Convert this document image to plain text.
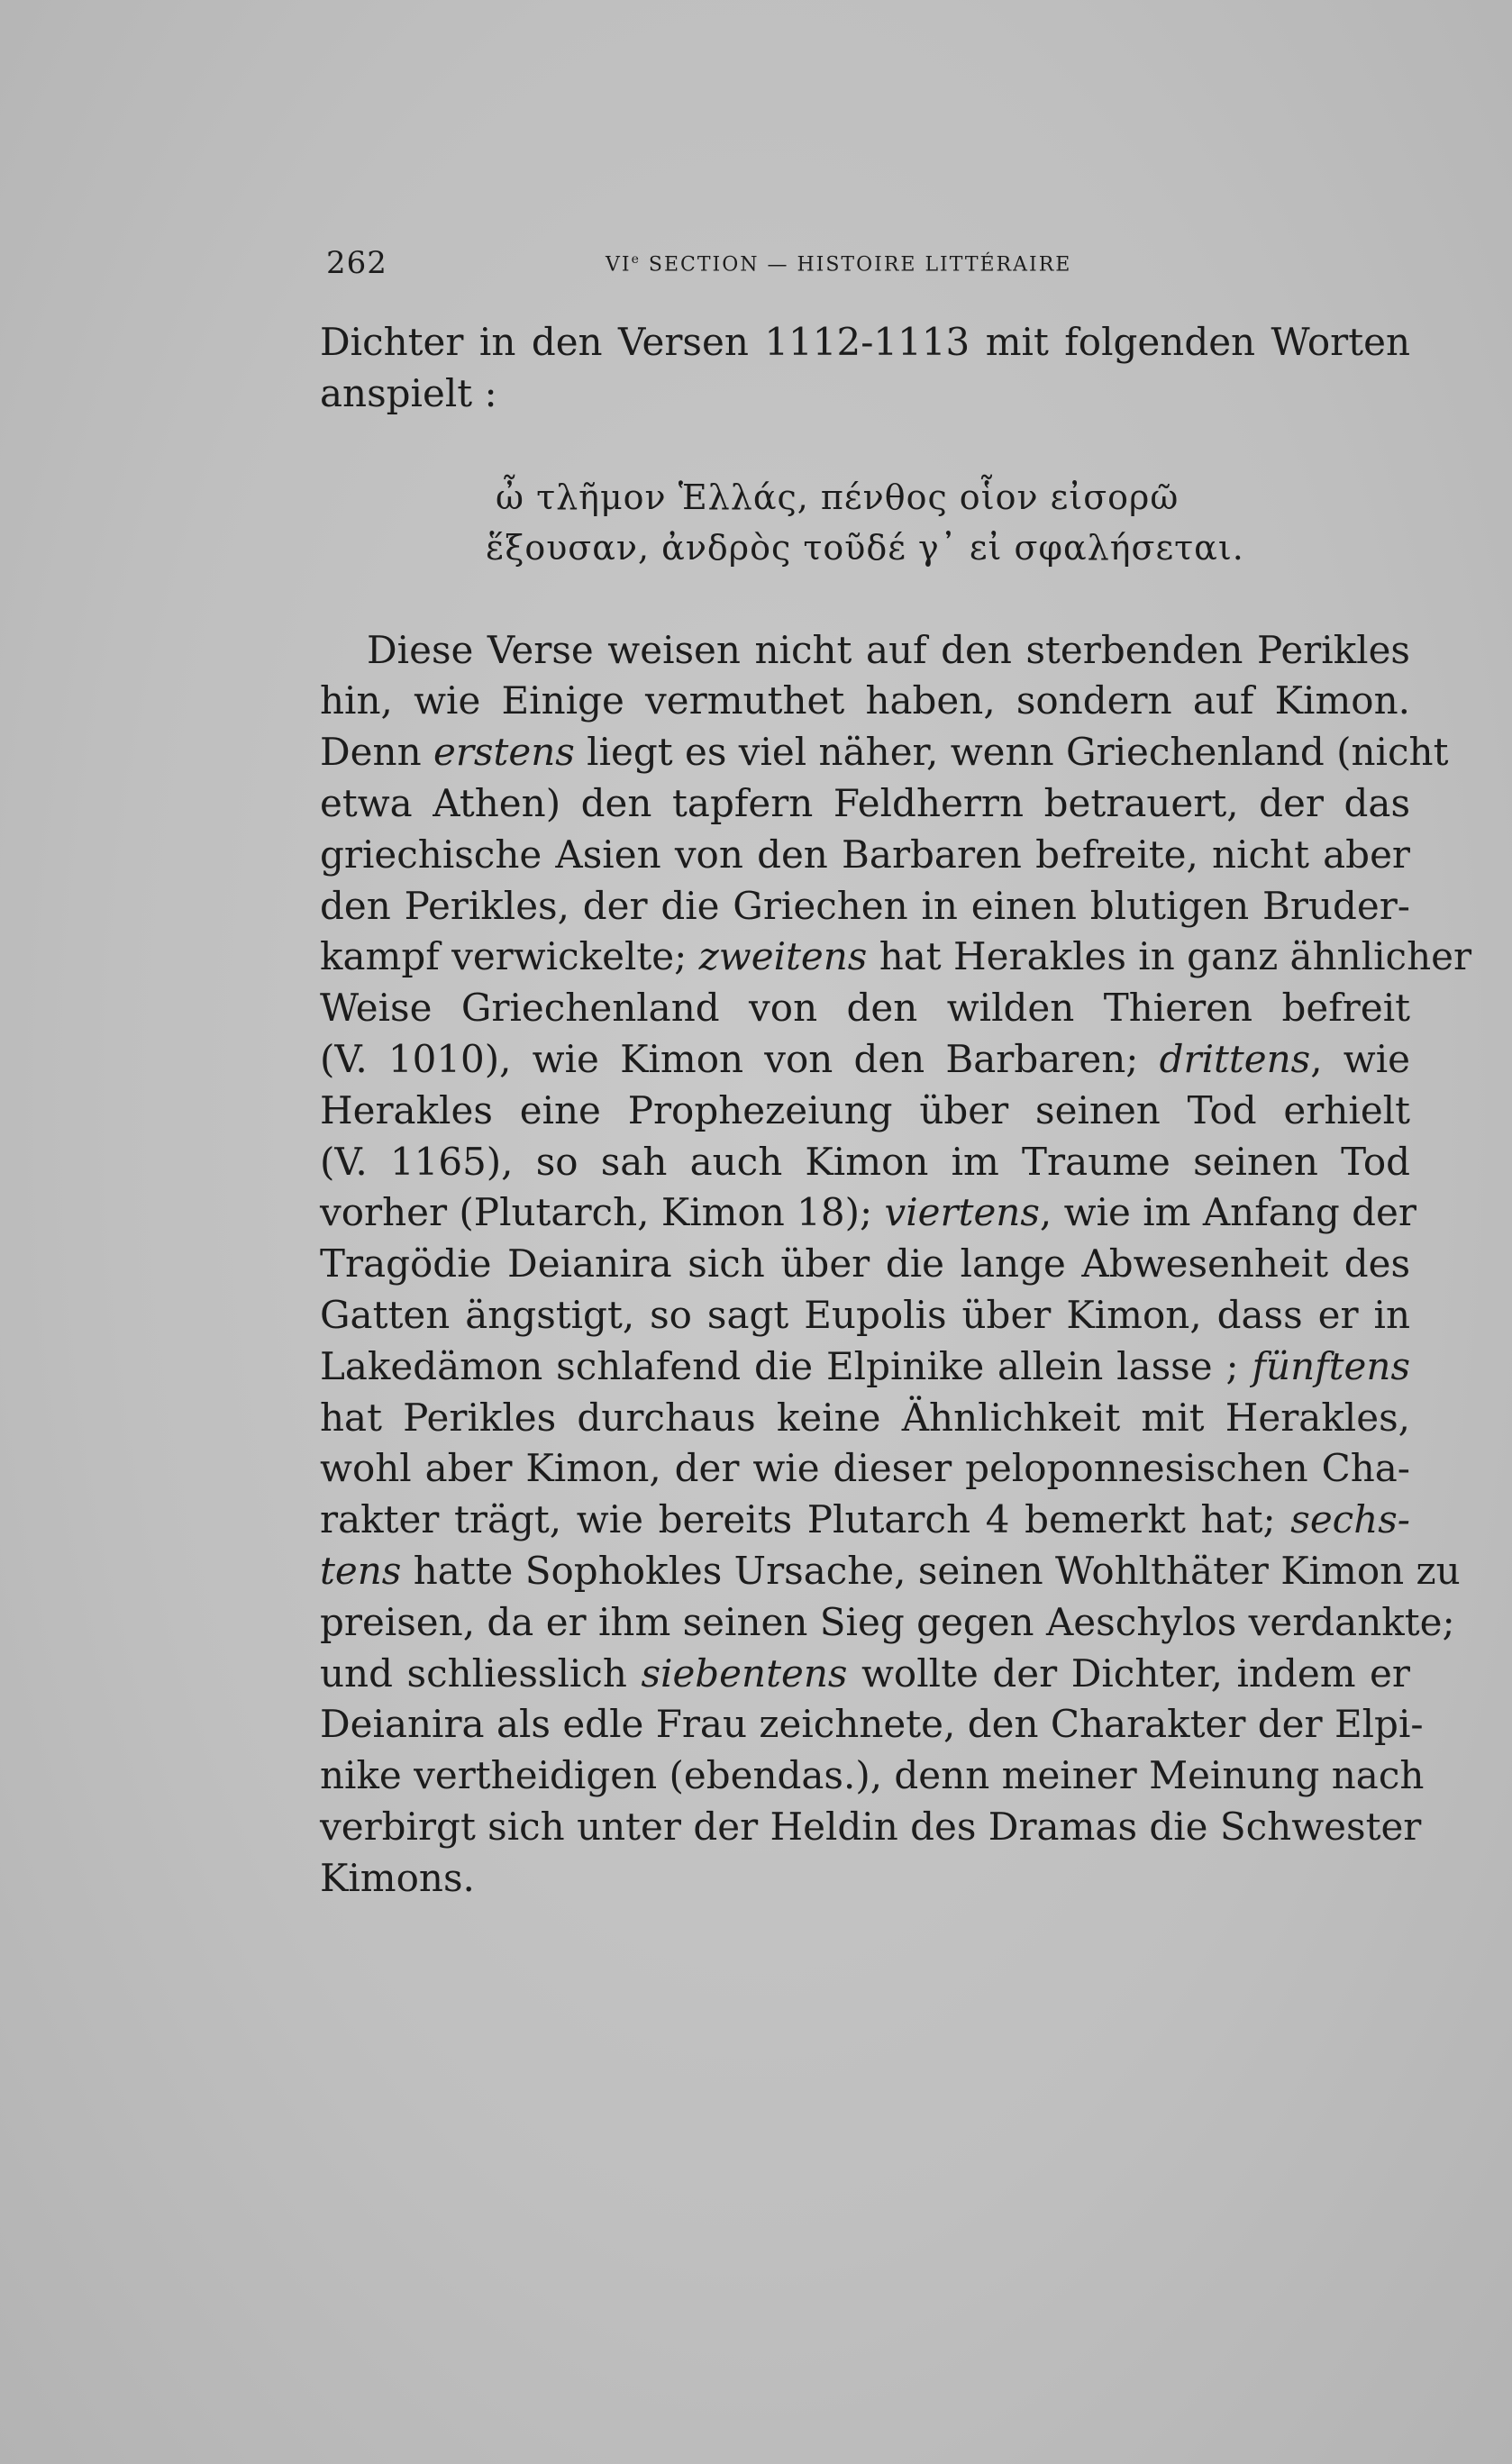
262	VIe SECTION — HISTOIRE LITTÉRAIRE
Dichter in den Versen 1112-1113 mit folgenden Worten
anspielt :
ὦ τλῆμον Ἑλλάς, πένθος οἷον εἰσορῶ
ἕξουσαν, ἀνδρὸς τοῦδέ γ᾽ εἰ σφαλήσεται.
Diese Verse weisen nicht auf den sterbenden Perikles
hin, wie Einige vermuthet haben, sondern auf Kimon.
Denn erstens liegt es viel näher, wenn Griechenland (nicht
etwa Athen) den tapfern Feldherrn betrauert, der das
griechische Asien von den Barbaren befreite, nicht aber
den Perikles, der die Griechen in einen blutigen Bruder-
kampf verwickelte; zweitens hat Herakles in ganz ähnlicher
Weise Griechenland von den wilden Thieren befreit
(V. 1010), wie Kimon von den Barbaren; drittens, wie
Herakles eine Prophezeiung über seinen Tod erhielt
(V. 1165), so sah auch Kimon im Traume seinen Tod
vorher (Plutarch, Kimon 18); viertens, wie im Anfang der
Tragödie Deianira sich über die lange Abwesenheit des
Gatten ängstigt, so sagt Eupolis über Kimon, dass er in
Lakedämon schlafend die Elpinike allein lasse ; fünftens
hat Perikles durchaus keine Ähnlichkeit mit Herakles,
wohl aber Kimon, der wie dieser peloponnesischen Cha-
rakter trägt, wie bereits Plutarch 4 bemerkt hat; sechs-
tens hatte Sophokles Ursache, seinen Wohlthäter Kimon zu
preisen, da er ihm seinen Sieg gegen Aeschylos verdankte;
und schliesslich siebentens wollte der Dichter, indem er
Deianira als edle Frau zeichnete, den Charakter der Elpi-
nike vertheidigen (ebendas.), denn meiner Meinung nach
verbirgt sich unter der Heldin des Dramas die Schwester
Kimons.
